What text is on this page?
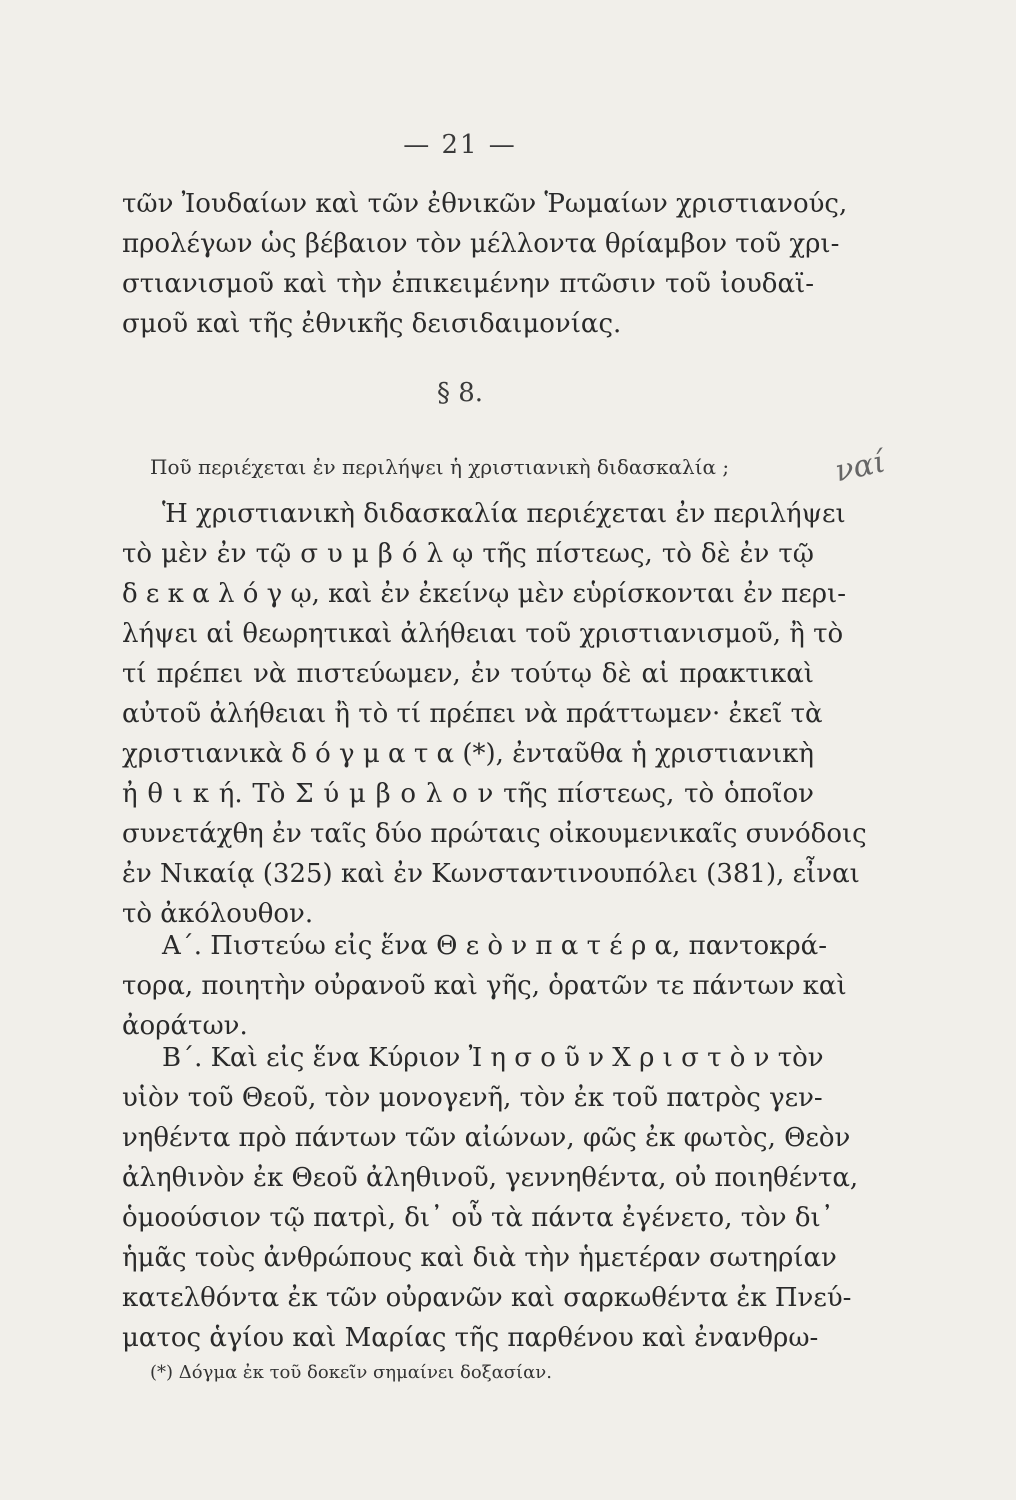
— 21 —
τῶν Ἰουδαίων καὶ τῶν ἐθνικῶν Ῥωμαίων χριστιανούς,
προλέγων ὡς βέβαιον τὸν μέλλοντα θρίαμβον τοῦ χρι-
στιανισμοῦ καὶ τὴν ἐπικειμένην πτῶσιν τοῦ ἰουδαϊ-
σμοῦ καὶ τῆς ἐθνικῆς δεισιδαιμονίας.
§ 8.
Ποῦ περιέχεται ἐν περιλήψει ἡ χριστιανικὴ διδασκαλία ;	ναί
Ἡ χριστιανικὴ διδασκαλία περιέχεται ἐν περιλήψει
τὸ μὲν ἐν τῷ σ υ μ β ό λ ῳ τῆς πίστεως, τὸ δὲ ἐν τῷ
δ ε κ α λ ό γ ῳ, καὶ ἐν ἐκείνῳ μὲν εὑρίσκονται ἐν περι-
λήψει αἱ θεωρητικαὶ ἀλήθειαι τοῦ χριστιανισμοῦ, ἢ τὸ
τί πρέπει νὰ πιστεύωμεν, ἐν τούτῳ δὲ αἱ πρακτικαὶ
αὐτοῦ ἀλήθειαι ἢ τὸ τί πρέπει νὰ πράττωμεν· ἐκεῖ τὰ
χριστιανικὰ δ ό γ μ α τ α (*), ἐνταῦθα ἡ χριστιανικὴ
ἠ θ ι κ ή. Τὸ Σ ύ μ β ο λ ο ν τῆς πίστεως, τὸ ὁποῖον
συνετάχθη ἐν ταῖς δύο πρώταις οἰκουμενικαῖς συνόδοις
ἐν Νικαίᾳ (325) καὶ ἐν Κωνσταντινουπόλει (381), εἶναι
τὸ ἀκόλουθον.
Α΄. Πιστεύω εἰς ἕνα Θ ε ὸ ν π α τ έ ρ α, παντοκρά-
τορα, ποιητὴν οὐρανοῦ καὶ γῆς, ὁρατῶν τε πάντων καὶ
ἀοράτων.
Β΄. Καὶ εἰς ἕνα Κύριον Ἰ η σ ο ῦ ν Χ ρ ι σ τ ὸ ν τὸν
υἱὸν τοῦ Θεοῦ, τὸν μονογενῆ, τὸν ἐκ τοῦ πατρὸς γεν-
νηθέντα πρὸ πάντων τῶν αἰώνων, φῶς ἐκ φωτὸς, Θεὸν
ἀληθινὸν ἐκ Θεοῦ ἀληθινοῦ, γεννηθέντα, οὐ ποιηθέντα,
ὁμοούσιον τῷ πατρὶ, δι᾽ οὗ τὰ πάντα ἐγένετο, τὸν δι᾽
ἡμᾶς τοὺς ἀνθρώπους καὶ διὰ τὴν ἡμετέραν σωτηρίαν
κατελθόντα ἐκ τῶν οὐρανῶν καὶ σαρκωθέντα ἐκ Πνεύ-
ματος ἁγίου καὶ Μαρίας τῆς παρθένου καὶ ἐνανθρω-
(*) Δόγμα ἐκ τοῦ δοκεῖν σημαίνει δοξασίαν.
